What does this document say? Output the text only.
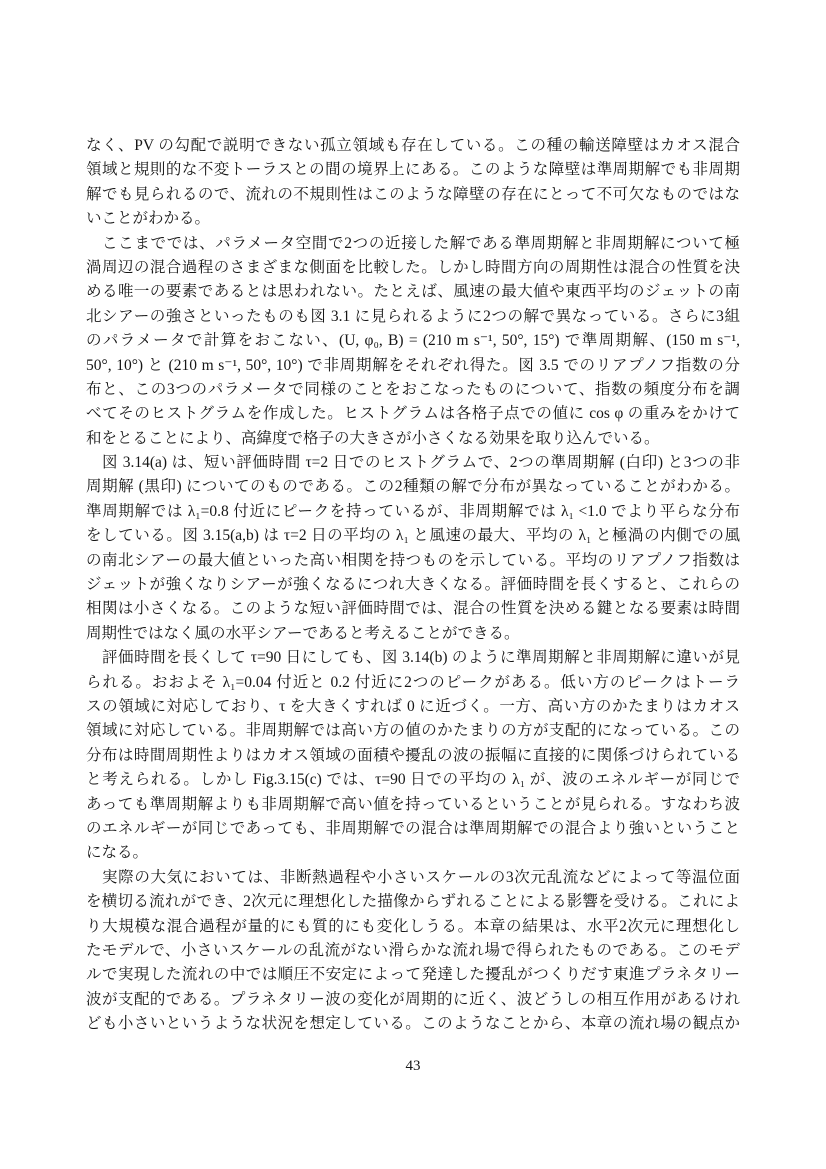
なく、PV の勾配で説明できない孤立領域も存在している。この種の輸送障壁はカオス混合
領域と規則的な不変トーラスとの間の境界上にある。このような障壁は準周期解でも非周期
解でも見られるので、流れの不規則性はこのような障壁の存在にとって不可欠なものではな
いことがわかる。
ここまででは、パラメータ空間で2つの近接した解である準周期解と非周期解について極
渦周辺の混合過程のさまざまな側面を比較した。しかし時間方向の周期性は混合の性質を決
める唯一の要素であるとは思われない。たとえば、風速の最大値や東西平均のジェットの南
北シアーの強さといったものも図 3.1 に見られるように2つの解で異なっている。さらに3組
のパラメータで計算をおこない、(U, φ₀, B) = (210 m s⁻¹, 50°, 15°) で準周期解、(150 m s⁻¹,
50°, 10°) と (210 m s⁻¹, 50°, 10°) で非周期解をそれぞれ得た。図 3.5 でのリアプノフ指数の分
布と、この3つのパラメータで同様のことをおこなったものについて、指数の頻度分布を調
べてそのヒストグラムを作成した。ヒストグラムは各格子点での値に cos φ の重みをかけて
和をとることにより、高緯度で格子の大きさが小さくなる効果を取り込んでいる。
図 3.14(a) は、短い評価時間 τ=2 日でのヒストグラムで、2つの準周期解 (白印) と3つの非
周期解 (黒印) についてのものである。この2種類の解で分布が異なっていることがわかる。
準周期解では λ₁=0.8 付近にピークを持っているが、非周期解では λ₁ <1.0 でより平らな分布
をしている。図 3.15(a,b) は τ=2 日の平均の λ₁ と風速の最大、平均の λ₁ と極渦の内側での風
の南北シアーの最大値といった高い相関を持つものを示している。平均のリアプノフ指数は
ジェットが強くなりシアーが強くなるにつれ大きくなる。評価時間を長くすると、これらの
相関は小さくなる。このような短い評価時間では、混合の性質を決める鍵となる要素は時間
周期性ではなく風の水平シアーであると考えることができる。
評価時間を長くして τ=90 日にしても、図 3.14(b) のように準周期解と非周期解に違いが見
られる。おおよそ λ₁=0.04 付近と 0.2 付近に2つのピークがある。低い方のピークはトーラ
スの領域に対応しており、τ を大きくすれば 0 に近づく。一方、高い方のかたまりはカオス
領域に対応している。非周期解では高い方の値のかたまりの方が支配的になっている。この
分布は時間周期性よりはカオス領域の面積や擾乱の波の振幅に直接的に関係づけられている
と考えられる。しかし Fig.3.15(c) では、τ=90 日での平均の λ₁ が、波のエネルギーが同じで
あっても準周期解よりも非周期解で高い値を持っているということが見られる。すなわち波
のエネルギーが同じであっても、非周期解での混合は準周期解での混合より強いということ
になる。
実際の大気においては、非断熱過程や小さいスケールの3次元乱流などによって等温位面
を横切る流れができ、2次元に理想化した描像からずれることによる影響を受ける。これによ
り大規模な混合過程が量的にも質的にも変化しうる。本章の結果は、水平2次元に理想化し
たモデルで、小さいスケールの乱流がない滑らかな流れ場で得られたものである。このモデ
ルで実現した流れの中では順圧不安定によって発達した擾乱がつくりだす東進プラネタリー
波が支配的である。プラネタリー波の変化が周期的に近く、波どうしの相互作用があるけれ
ども小さいというような状況を想定している。このようなことから、本章の流れ場の観点か
43
